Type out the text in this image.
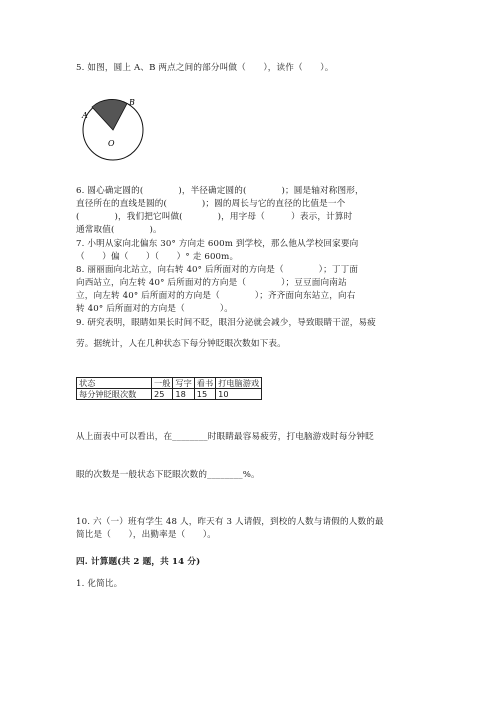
5. 如图，圆上 A、B 两点之间的部分叫做（　　），读作（　　）。
A
B
O
r
r
6. 圆心确定圆的(　　　　)，半径确定圆的(　　　　)；圆是轴对称图形，
直径所在的直线是圆的(　　　　)；圆的周长与它的直径的比值是一个
(　　　　)，我们把它叫做(　　　　)，用字母（　　　）表示，计算时
通常取值(　　　　)。
7. 小明从家向北偏东 30° 方向走 600m 到学校，那么他从学校回家要向
（　　）偏（　　）（　　）° 走 600m。
8. 丽丽面向北站立，向右转 40° 后所面对的方向是（　　　　）；丁丁面
向西站立，向左转 40° 后所面对的方向是（　　　　）；豆豆面向南站
立，向左转 40° 后所面对的方向是（　　　　）；齐齐面向东站立，向右
转 40° 后所面对的方向是（　　　　）。
9. 研究表明，眼睛如果长时间不眨，眼泪分泌就会减少，导致眼睛干涩，易疲
劳。据统计，人在几种状态下每分钟眨眼次数如下表。
状态	一般	写字	看书	打电脑游戏
每分钟眨眼次数	25	18	15	10
从上面表中可以看出，在________时眼睛最容易疲劳，打电脑游戏时每分钟眨
眼的次数是一般状态下眨眼次数的________%。
10. 六（一）班有学生 48 人，昨天有 3 人请假，到校的人数与请假的人数的最
简比是（　　），出勤率是（　　）。
四. 计算题(共 2 题，共 14 分)
1. 化简比。
